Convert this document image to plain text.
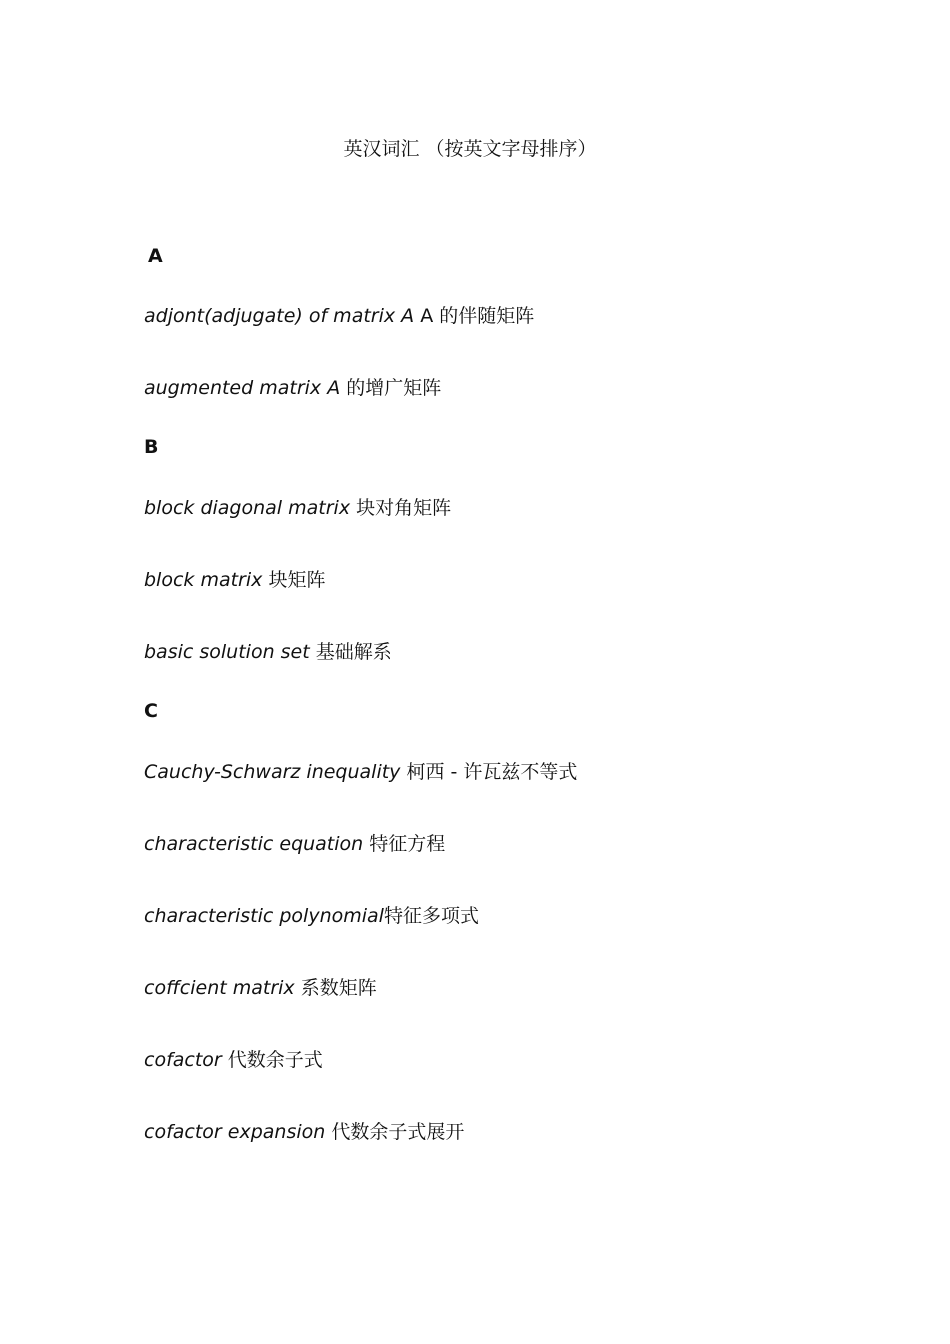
英汉词汇 （按英文字母排序）
A
adjont(adjugate) of matrix A A 的伴随矩阵
augmented matrix A 的增广矩阵
B
block diagonal matrix 块对角矩阵
block matrix 块矩阵
basic solution set 基础解系
C
Cauchy-Schwarz inequality 柯西 - 许瓦兹不等式
characteristic equation 特征方程
characteristic polynomial特征多项式
coffcient matrix 系数矩阵
cofactor 代数余子式
cofactor expansion 代数余子式展开
